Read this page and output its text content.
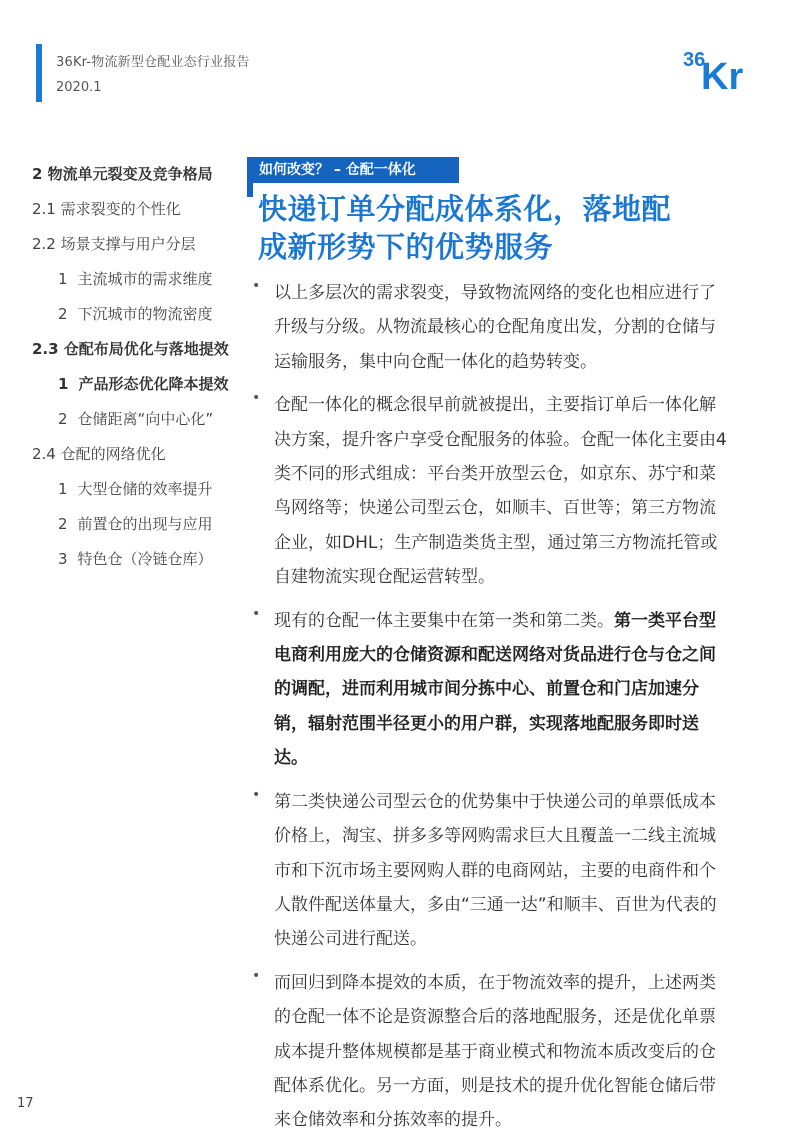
36Kr-物流新型仓配业态行业报告
2020.1
36
Kr
2 物流单元裂变及竞争格局
2.1 需求裂变的个性化
2.2 场景支撑与用户分层
1 主流城市的需求维度
2 下沉城市的物流密度
2.3 仓配布局优化与落地提效
1 产品形态优化降本提效
2 仓储距离“向中心化”
2.4 仓配的网络优化
1 大型仓储的效率提升
2 前置仓的出现与应用
3 特色仓（冷链仓库）
如何改变？ – 仓配一体化
快递订单分配成体系化，落地配
成新形势下的优势服务
• 以上多层次的需求裂变，导致物流网络的变化也相应进行了升级与分级。从物流最核心的仓配角度出发，分割的仓储与运输服务，集中向仓配一体化的趋势转变。
• 仓配一体化的概念很早前就被提出，主要指订单后一体化解决方案，提升客户享受仓配服务的体验。仓配一体化主要由4类不同的形式组成：平台类开放型云仓，如京东、苏宁和菜鸟网络等；快递公司型云仓，如顺丰、百世等；第三方物流企业，如DHL；生产制造类货主型，通过第三方物流托管或自建物流实现仓配运营转型。
• 现有的仓配一体主要集中在第一类和第二类。第一类平台型电商利用庞大的仓储资源和配送网络对货品进行仓与仓之间的调配，进而利用城市间分拣中心、前置仓和门店加速分销，辐射范围半径更小的用户群，实现落地配服务即时送达。
• 第二类快递公司型云仓的优势集中于快递公司的单票低成本价格上，淘宝、拼多多等网购需求巨大且覆盖一二线主流城市和下沉市场主要网购人群的电商网站，主要的电商件和个人散件配送体量大，多由“三通一达”和顺丰、百世为代表的快递公司进行配送。
• 而回归到降本提效的本质，在于物流效率的提升，上述两类的仓配一体不论是资源整合后的落地配服务，还是优化单票成本提升整体规模都是基于商业模式和物流本质改变后的仓配体系优化。另一方面，则是技术的提升优化智能仓储后带来仓储效率和分拣效率的提升。
17
